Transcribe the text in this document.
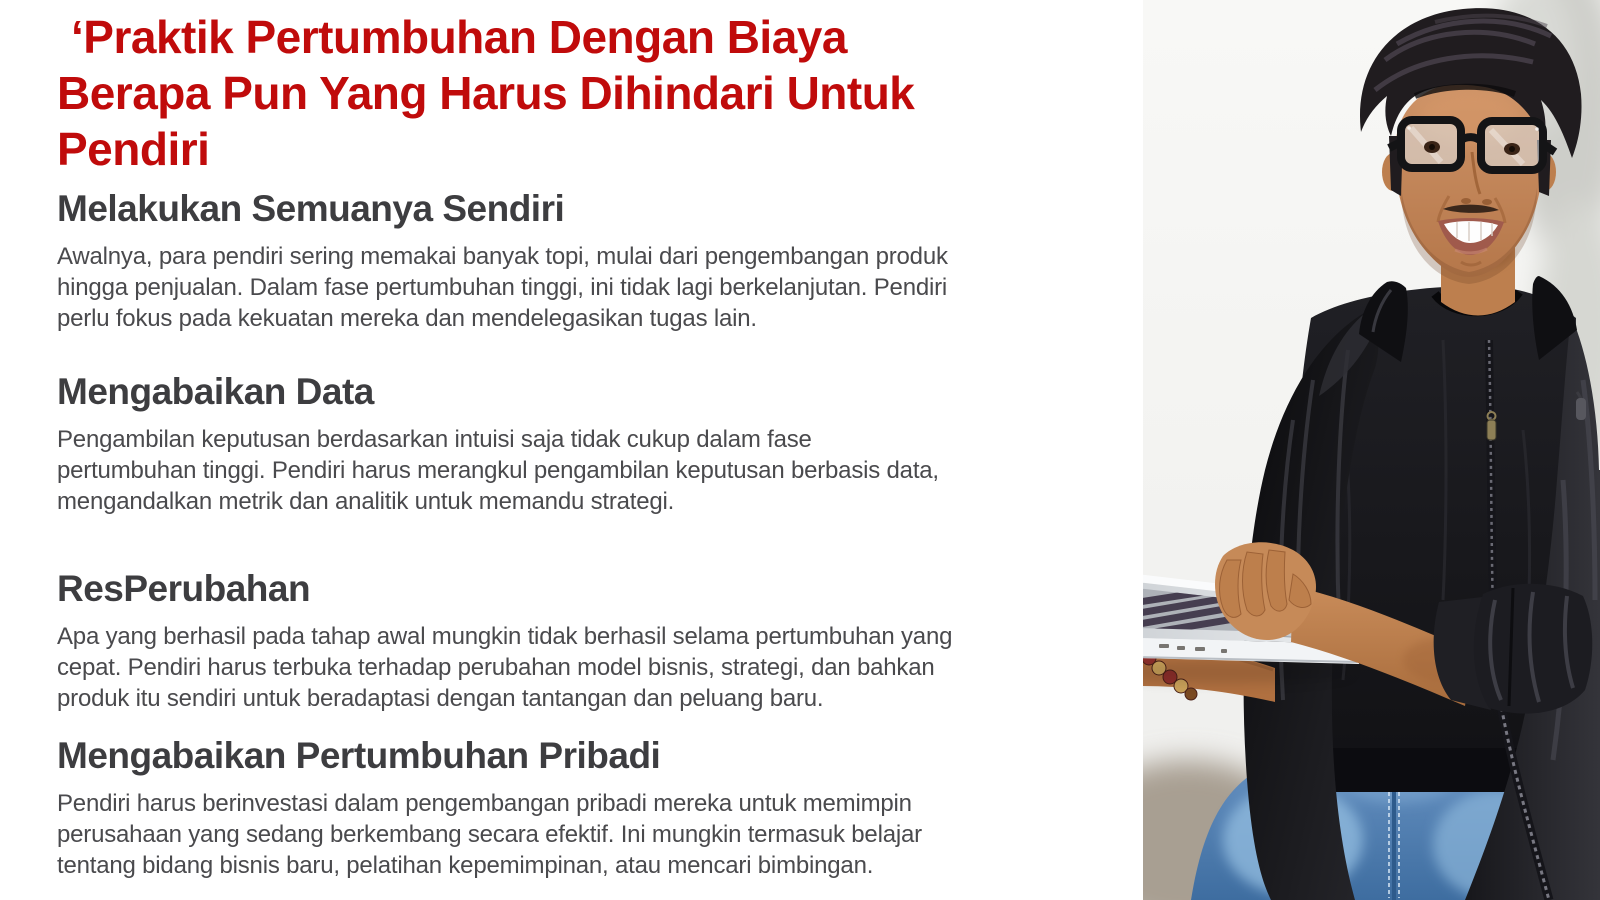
‘Praktik Pertumbuhan Dengan Biaya
Berapa Pun Yang Harus Dihindari Untuk
Pendiri
Melakukan Semuanya Sendiri

Awalnya, para pendiri sering memakai banyak topi, mulai dari pengembangan produk
hingga penjualan. Dalam fase pertumbuhan tinggi, ini tidak lagi berkelanjutan. Pendiri
perlu fokus pada kekuatan mereka dan mendelegasikan tugas lain.

Mengabaikan Data

Pengambilan keputusan berdasarkan intuisi saja tidak cukup dalam fase
pertumbuhan tinggi. Pendiri harus merangkul pengambilan keputusan berbasis data,
mengandalkan metrik dan analitik untuk memandu strategi.

ResPerubahan

Apa yang berhasil pada tahap awal mungkin tidak berhasil selama pertumbuhan yang
cepat. Pendiri harus terbuka terhadap perubahan model bisnis, strategi, dan bahkan
produk itu sendiri untuk beradaptasi dengan tantangan dan peluang baru.

Mengabaikan Pertumbuhan Pribadi

Pendiri harus berinvestasi dalam pengembangan pribadi mereka untuk memimpin
perusahaan yang sedang berkembang secara efektif. Ini mungkin termasuk belajar
tentang bidang bisnis baru, pelatihan kepemimpinan, atau mencari bimbingan.
